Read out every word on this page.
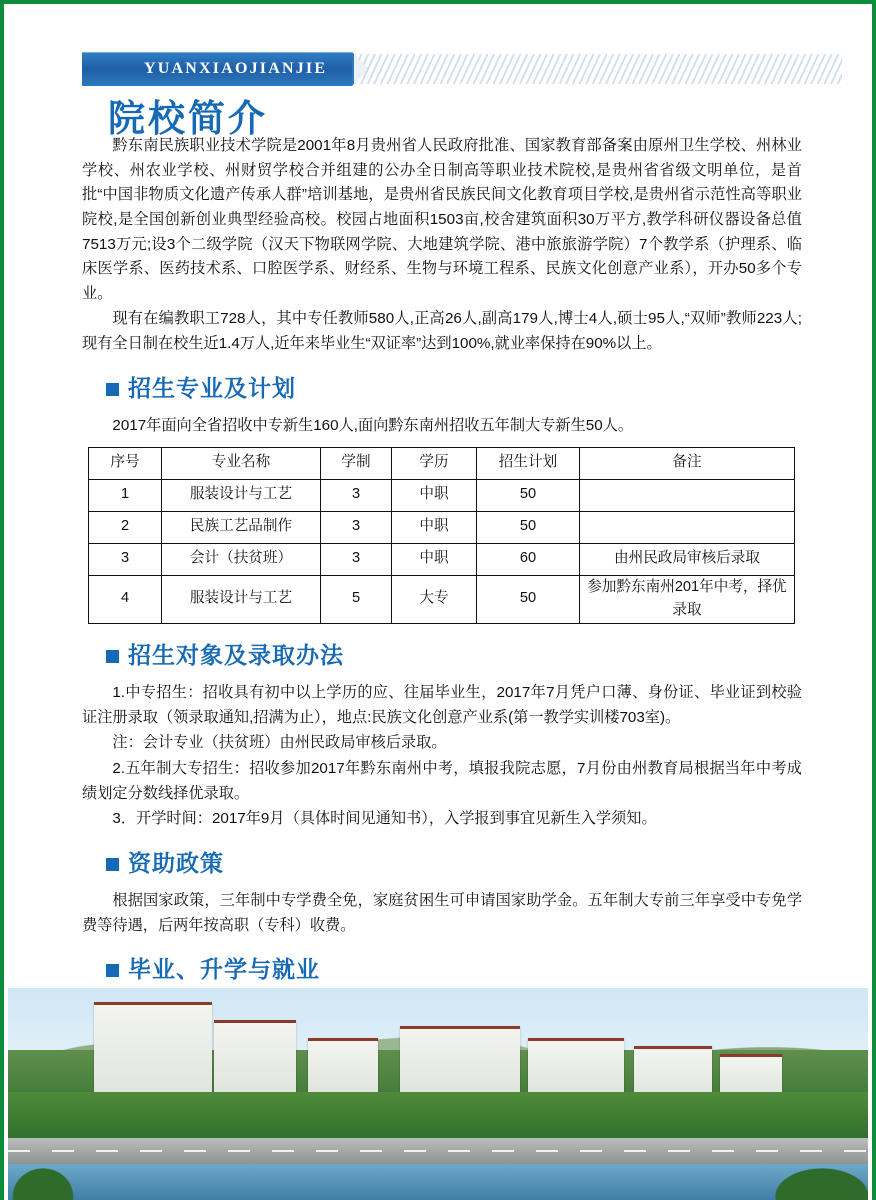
YUANXIAOJIANJIE
院校简介

黔东南民族职业技术学院是2001年8月贵州省人民政府批准、国家教育部备案由原州卫生学校、州林业学校、州农业学校、州财贸学校合并组建的公办全日制高等职业技术院校,是贵州省省级文明单位，是首批“中国非物质文化遗产传承人群”培训基地，是贵州省民族民间文化教育项目学校,是贵州省示范性高等职业院校,是全国创新创业典型经验高校。校园占地面积1503亩,校舍建筑面积30万平方,教学科研仪器设备总值7513万元;设3个二级学院（汉天下物联网学院、大地建筑学院、港中旅旅游学院）7个教学系（护理系、临床医学系、医药技术系、口腔医学系、财经系、生物与环境工程系、民族文化创意产业系），开办50多个专业。

现有在编教职工728人，其中专任教师580人,正高26人,副高179人,博士4人,硕士95人,“双师”教师223人;现有全日制在校生近1.4万人,近年来毕业生“双证率”达到100%,就业率保持在90%以上。

招生专业及计划

2017年面向全省招收中专新生160人,面向黔东南州招收五年制大专新生50人。

序号	专业名称	学制	学历	招生计划	备注
1	服装设计与工艺	3	中职	50	
2	民族工艺品制作	3	中职	50	
3	会计（扶贫班）	3	中职	60	由州民政局审核后录取
4	服装设计与工艺	5	大专	50	参加黔东南州201年中考，择优录取
招生对象及录取办法

1.中专招生：招收具有初中以上学历的应、往届毕业生，2017年7月凭户口薄、身份证、毕业证到校验证注册录取（领录取通知,招满为止），地点:民族文化创意产业系(第一教学实训楼703室)。

注：会计专业（扶贫班）由州民政局审核后录取。

2.五年制大专招生：招收参加2017年黔东南州中考，填报我院志愿，7月份由州教育局根据当年中考成绩划定分数线择优录取。

3．开学时间：2017年9月（具体时间见通知书），入学报到事宜见新生入学须知。

资助政策

根据国家政策，三年制中专学费全免，家庭贫困生可申请国家助学金。五年制大专前三年享受中专免学费等待遇，后两年按高职（专科）收费。

毕业、升学与就业
